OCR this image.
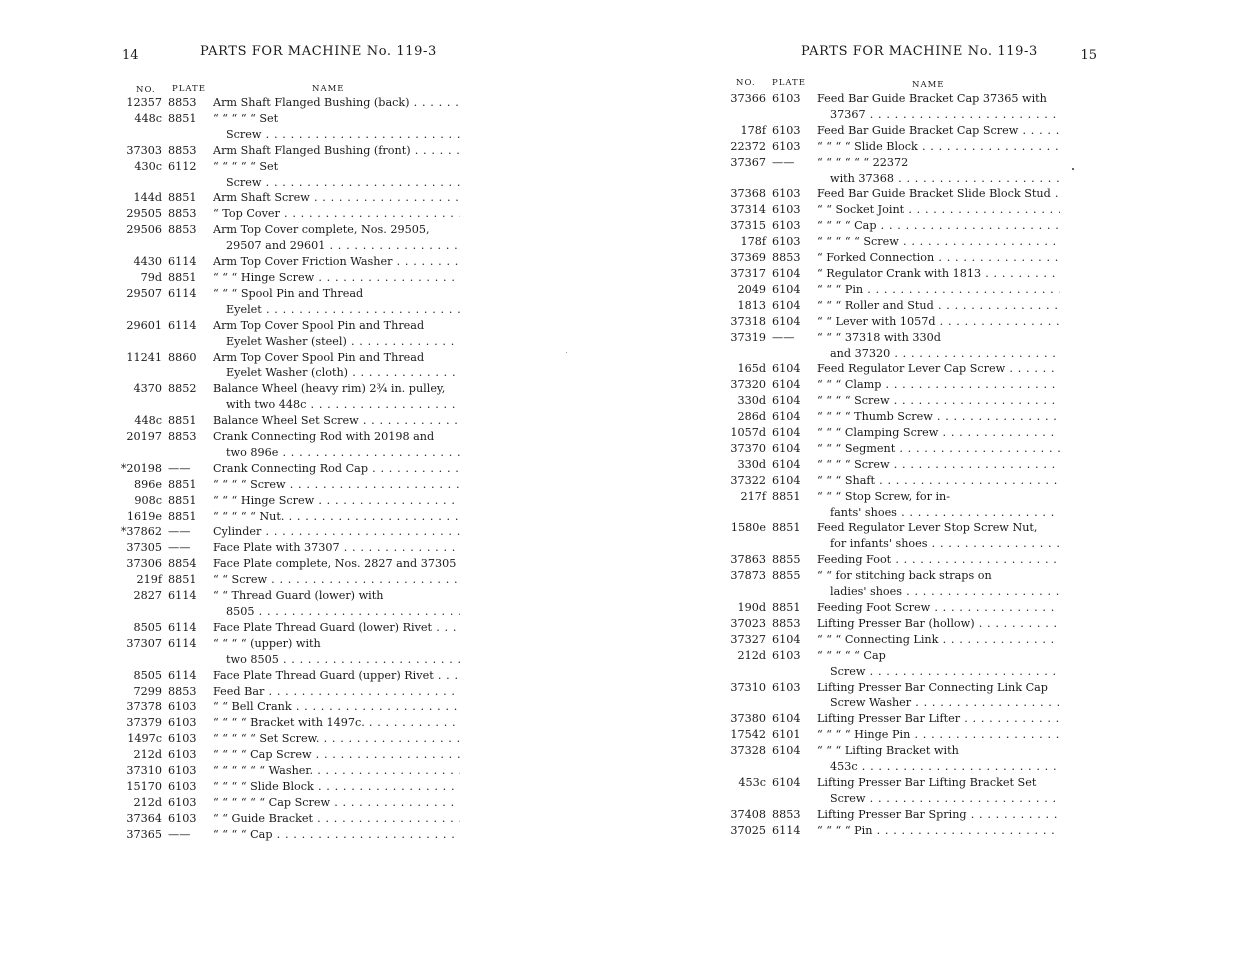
14	PARTS FOR MACHINE No. 119-3
NO. PLATE	NAME
12357 8853	Arm Shaft Flanged Bushing (back) . . .
448c 8851	“ “ “ “ “ Set
Screw . . .
37303 8853	Arm Shaft Flanged Bushing (front) . . .
430c 6112	“ “ “ “ “ Set
Screw . . .
144d 8851	Arm Shaft Screw . . .
29505 8853	“ Top Cover . . .
29506 8853	Arm Top Cover complete, Nos. 29505,
29507 and 29601 . . .
4430 6114	Arm Top Cover Friction Washer . . .
79d 8851	“ “ “ Hinge Screw . . .
29507 6114	“ “ “ Spool Pin and Thread
Eyelet . . .
29601 6114	Arm Top Cover Spool Pin and Thread
Eyelet Washer (steel) . . .
11241 8860	Arm Top Cover Spool Pin and Thread
Eyelet Washer (cloth) . . .
4370 8852	Balance Wheel (heavy rim) 2¾ in. pulley,
with two 448c . . .
448c 8851	Balance Wheel Set Screw . . .
20197 8853	Crank Connecting Rod with 20198 and
two 896e . . .
*20198 ——	Crank Connecting Rod Cap . . .
896e 8851	“ “ “ “ Screw . . .
908c 8851	“ “ “ Hinge Screw . . .
1619e 8851	“ “ “ “ “ Nut. . . .
*37862 ——	Cylinder . . .
37305 ——	Face Plate with 37307 . . .
37306 8854	Face Plate complete, Nos. 2827 and 37305 . . .
219f 8851	“ “ Screw . . .
2827 6114	“ “ Thread Guard (lower) with
8505 . . .
8505 6114	Face Plate Thread Guard (lower) Rivet . . .
37307 6114	“ “ “ “ (upper) with
two 8505 . . .
8505 6114	Face Plate Thread Guard (upper) Rivet . . .
7299 8853	Feed Bar . . .
37378 6103	“ “ Bell Crank . . .
37379 6103	“ “ “ “ Bracket with 1497c. . . .
1497c 6103	“ “ “ “ “ Set Screw. . . .
212d 6103	“ “ “ “ Cap Screw . . .
37310 6103	“ “ “ “ “ “ Washer. . . .
15170 6103	“ “ “ “ Slide Block . . .
212d 6103	“ “ “ “ “ “ Cap Screw . . .
37364 6103	“ “ Guide Bracket . . .
37365 ——	“ “ “ “ Cap . . .
PARTS FOR MACHINE No. 119-3	15
NO. PLATE	NAME
37366 6103	Feed Bar Guide Bracket Cap 37365 with
37367 . . .
178f 6103	Feed Bar Guide Bracket Cap Screw . . .
22372 6103	“ “ “ “ Slide Block . . .
37367 ——	“ “ “ “ “ “ 22372
with 37368 . . .
37368 6103	Feed Bar Guide Bracket Slide Block Stud . . .
37314 6103	“ “ Socket Joint . . .
37315 6103	“ “ “ “ Cap . . .
178f 6103	“ “ “ “ “ Screw . . .
37369 8853	“ Forked Connection . . .
37317 6104	“ Regulator Crank with 1813 . . .
2049 6104	“ “ “ Pin . . .
1813 6104	“ “ “ Roller and Stud . . .
37318 6104	“ “ Lever with 1057d . . .
37319 ——	“ “ “ 37318 with 330d
and 37320 . . .
165d 6104	Feed Regulator Lever Cap Screw . . .
37320 6104	“ “ “ Clamp . . .
330d 6104	“ “ “ “ Screw . . .
286d 6104	“ “ “ “ Thumb Screw . . .
1057d 6104	“ “ “ Clamping Screw . . .
37370 6104	“ “ “ Segment . . .
330d 6104	“ “ “ “ Screw . . .
37322 6104	“ “ “ Shaft . . .
217f 8851	“ “ “ Stop Screw, for in-
fants' shoes . . .
1580e 8851	Feed Regulator Lever Stop Screw Nut,
for infants' shoes . . .
37863 8855	Feeding Foot . . .
37873 8855	“ “ for stitching back straps on
ladies' shoes . . .
190d 8851	Feeding Foot Screw . . .
37023 8853	Lifting Presser Bar (hollow) . . .
37327 6104	“ “ “ Connecting Link . . .
212d 6103	“ “ “ “ “ Cap
Screw . . .
37310 6103	Lifting Presser Bar Connecting Link Cap
Screw Washer . . .
37380 6104	Lifting Presser Bar Lifter . . .
17542 6101	“ “ “ “ Hinge Pin . . .
37328 6104	“ “ “ Lifting Bracket with
453c . . .
453c 6104	Lifting Presser Bar Lifting Bracket Set
Screw . . .
37408 8853	Lifting Presser Bar Spring . . .
37025 6114	“ “ “ “ Pin . . .
